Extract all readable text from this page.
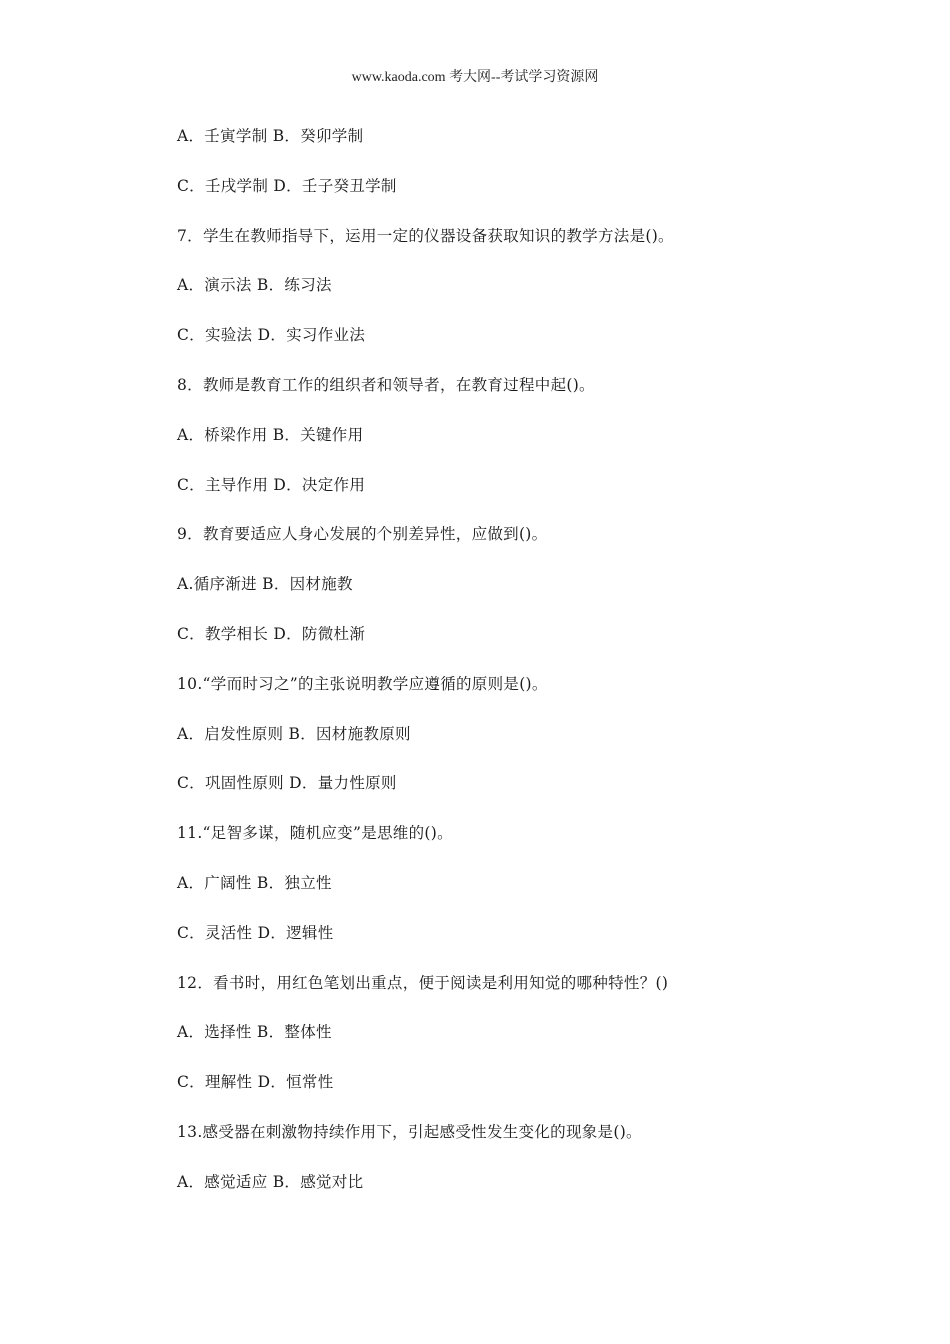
www.kaoda.com 考大网--考试学习资源网
A．壬寅学制 B．癸卯学制
C．壬戌学制 D．壬子癸丑学制
7．学生在教师指导下，运用一定的仪器设备获取知识的教学方法是()。
A．演示法 B．练习法
C．实验法 D．实习作业法
8．教师是教育工作的组织者和领导者，在教育过程中起()。
A．桥梁作用 B．关键作用
C．主导作用 D．决定作用
9．教育要适应人身心发展的个别差异性，应做到()。
A.循序渐进 B．因材施教
C．教学相长 D．防微杜渐
10.“学而时习之”的主张说明教学应遵循的原则是()。
A．启发性原则 B．因材施教原则
C．巩固性原则 D．量力性原则
11.“足智多谋，随机应变”是思维的()。
A．广阔性 B．独立性
C．灵活性 D．逻辑性
12．看书时，用红色笔划出重点，便于阅读是利用知觉的哪种特性？()
A．选择性 B．整体性
C．理解性 D．恒常性
13.感受器在刺激物持续作用下，引起感受性发生变化的现象是()。
A．感觉适应 B．感觉对比
